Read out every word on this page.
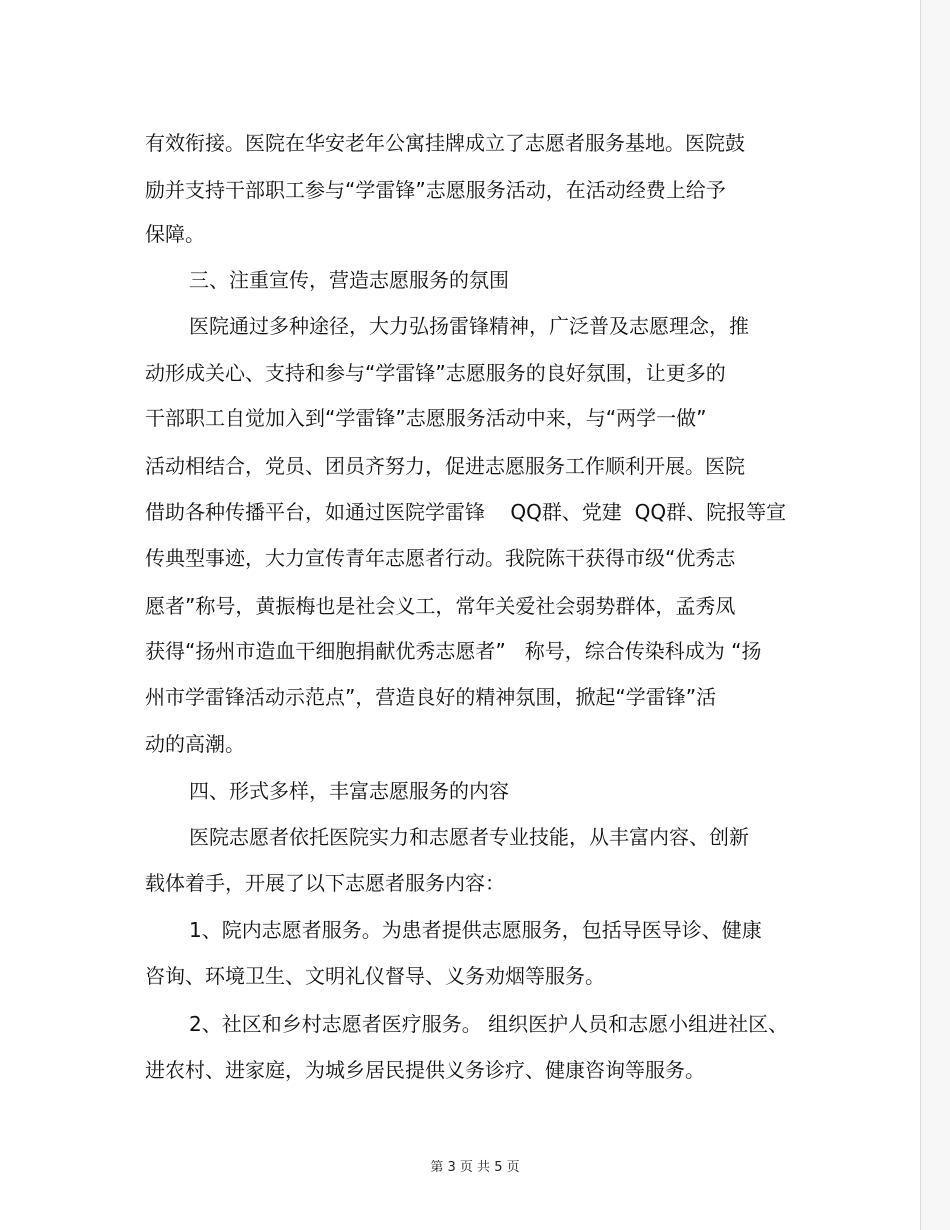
有效衔接。医院在华安老年公寓挂牌成立了志愿者服务基地。医院鼓
励并支持干部职工参与“学雷锋”志愿服务活动，在活动经费上给予
保障。
三、注重宣传，营造志愿服务的氛围
医院通过多种途径，大力弘扬雷锋精神，广泛普及志愿理念，推
动形成关心、支持和参与“学雷锋”志愿服务的良好氛围，让更多的
干部职工自觉加入到“学雷锋”志愿服务活动中来，与“两学一做”
活动相结合，党员、团员齐努力，促进志愿服务工作顺利开展。医院
借助各种传播平台，如通过医院学雷锋    QQ群、党建  QQ群、院报等宣
传典型事迹，大力宣传青年志愿者行动。我院陈干获得市级“优秀志
愿者”称号，黄振梅也是社会义工，常年关爱社会弱势群体，孟秀凤
获得“扬州市造血干细胞捐献优秀志愿者”   称号，综合传染科成为 “扬
州市学雷锋活动示范点”，营造良好的精神氛围，掀起“学雷锋”活
动的高潮。
四、形式多样，丰富志愿服务的内容
医院志愿者依托医院实力和志愿者专业技能，从丰富内容、创新
载体着手，开展了以下志愿者服务内容：
1、院内志愿者服务。为患者提供志愿服务，包括导医导诊、健康
咨询、环境卫生、文明礼仪督导、义务劝烟等服务。
2、社区和乡村志愿者医疗服务。 组织医护人员和志愿小组进社区、
进农村、进家庭，为城乡居民提供义务诊疗、健康咨询等服务。
第 3 页 共 5 页
